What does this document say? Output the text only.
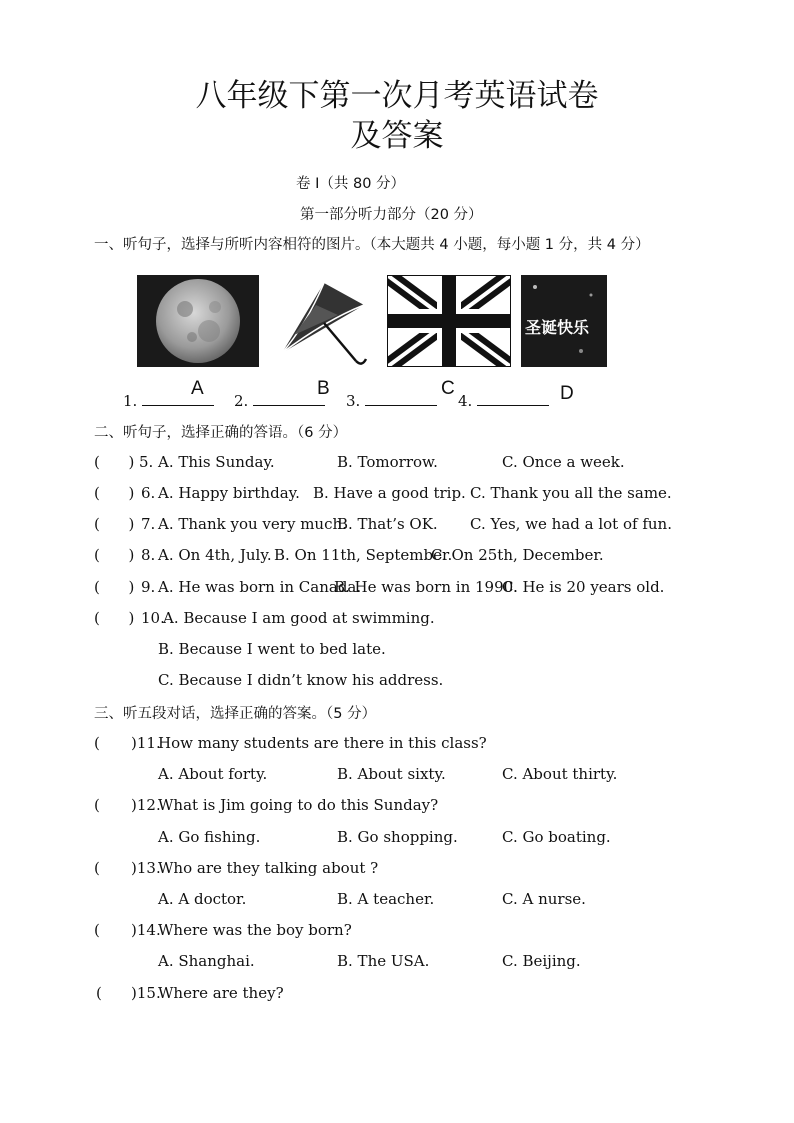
八年级下第一次月考英语试卷
及答案
卷 I（共 80 分）
第一部分听力部分（20 分）
一、听句子，选择与所听内容相符的图片。（本大题共 4 小题，每小题 1 分，共 4 分）
圣诞快乐
1.	2.	3.	4.
A	B	C	D
二、听句子，选择正确的答语。（6 分）
(      ) 5. A. This Sunday.	B. Tomorrow.	C. Once a week.
(      ) 6. A. Happy birthday. B. Have a good trip. C. Thank you all the same.
(      ) 7. A. Thank you very much.
B. That’s OK. C. Yes, we had a lot of fun.
(      ) 8. A. On 4th, July. B. On 11th, September.
C. On 25th, December.
(      ) 9. A. He was born in Canada.
B. He was born in 1990.
C. He is 20 years old.
(      ) 10.
A. Because I am good at swimming.
B. Because I went to bed late.
C. Because I didn’t know his address.
三、听五段对话，选择正确的答案。（5 分）
( )11.
How many students are there in this class?
A. About forty.	B. About sixty.	C. About thirty.
( )12.
What is Jim going to do this Sunday?
A. Go fishing.	B. Go shopping.	C. Go boating.
( )13.
Who are they talking about ?
A. A doctor.	B. A teacher.	C. A nurse.
( )14.
Where was the boy born?
A. Shanghai.	B. The USA.	C. Beijing.
( )15.
Where are they?
